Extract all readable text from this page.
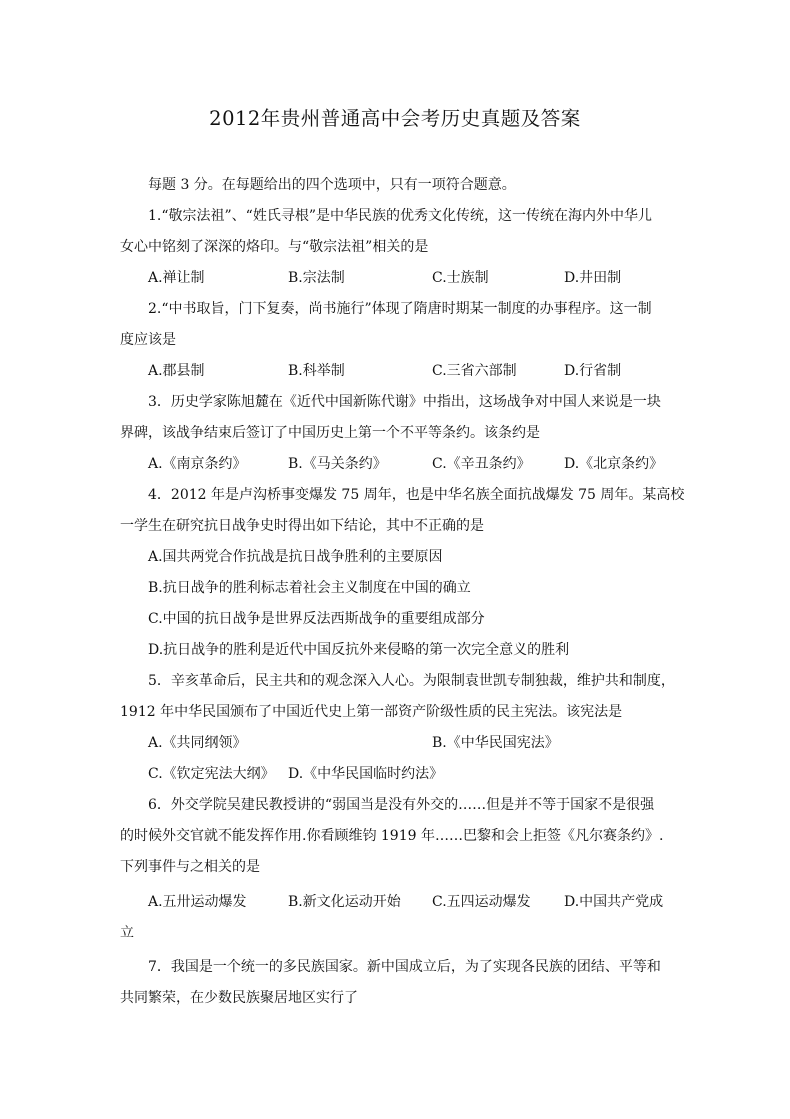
2012年贵州普通高中会考历史真题及答案
每题 3 分。在每题给出的四个选项中，只有一项符合题意。
1.“敬宗法祖”、“姓氏寻根”是中华民族的优秀文化传统，这一传统在海内外中华儿
女心中铭刻了深深的烙印。与“敬宗法祖”相关的是
A.禅让制	B.宗法制	C.士族制	D.井田制
2.“中书取旨，门下复奏，尚书施行”体现了隋唐时期某一制度的办事程序。这一制
度应该是
A.郡县制	B.科举制	C.三省六部制	D.行省制
3．历史学家陈旭麓在《近代中国新陈代谢》中指出，这场战争对中国人来说是一块
界碑，该战争结束后签订了中国历史上第一个不平等条约。该条约是
A.《南京条约》	B.《马关条约》	C.《辛丑条约》 D.《北京条约》
4．2012 年是卢沟桥事变爆发 75 周年，也是中华名族全面抗战爆发 75 周年。某高校
一学生在研究抗日战争史时得出如下结论，其中不正确的是
A.国共两党合作抗战是抗日战争胜利的主要原因
B.抗日战争的胜利标志着社会主义制度在中国的确立
C.中国的抗日战争是世界反法西斯战争的重要组成部分
D.抗日战争的胜利是近代中国反抗外来侵略的第一次完全意义的胜利
5．辛亥革命后，民主共和的观念深入人心。为限制袁世凯专制独裁，维护共和制度，
1912 年中华民国颁布了中国近代史上第一部资产阶级性质的民主宪法。该宪法是
A.《共同纲领》	B.《中华民国宪法》
C.《钦定宪法大纲》 D.《中华民国临时约法》
6．外交学院吴建民教授讲的“弱国当是没有外交的……但是并不等于国家不是很强
的时候外交官就不能发挥作用.你看顾维钧 1919 年……巴黎和会上拒签《凡尔赛条约》.
下列事件与之相关的是
A.五卅运动爆发	B.新文化运动开始 C.五四运动爆发 D.中国共产党成
立
7．我国是一个统一的多民族国家。新中国成立后，为了实现各民族的团结、平等和
共同繁荣，在少数民族聚居地区实行了
